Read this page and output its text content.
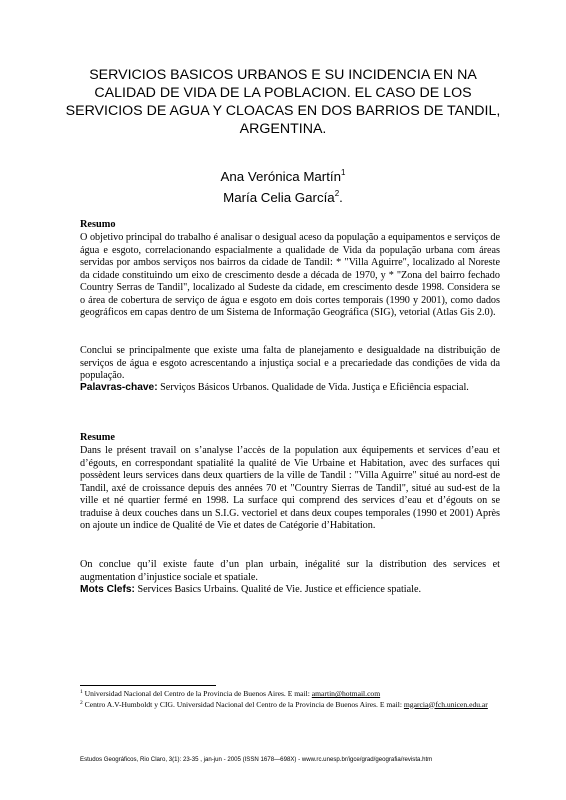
SERVICIOS BASICOS URBANOS E SU INCIDENCIA EN NA CALIDAD DE VIDA DE LA POBLACION. EL CASO DE LOS SERVICIOS DE AGUA Y CLOACAS EN DOS BARRIOS DE TANDIL, ARGENTINA.
Ana Verónica Martín$^1$
María Celia García$^2$.
Resumo
O objetivo principal do trabalho é analisar o desigual aceso da população a equipamentos e serviços de água e esgoto, correlacionando espacialmente a qualidade de Vida da população urbana com áreas servidas por ambos serviços nos bairros da cidade de Tandil: * "Villa Aguirre", localizado al Noreste da cidade constituindo um eixo de crescimento desde a década de 1970, y * "Zona del bairro fechado Country Serras de Tandil", localizado al Sudeste da cidade, em crescimento desde 1998. Considera se o área de cobertura de serviço de água e esgoto em dois cortes temporais (1990 y 2001), como dados geográficos em capas dentro de um Sistema de Informação Geográfica (SIG), vetorial (Atlas Gis 2.0).
Conclui se principalmente que existe uma falta de planejamento e desigualdade na distribuição de serviços de água e esgoto acrescentando a injustiça social e a precariedade das condições de vida da população.
Palavras-chave: Serviços Básicos Urbanos. Qualidade de Vida. Justiça e Eficiência espacial.
Resume
Dans le présent travail on s’analyse l’accès de la population aux équipements et services d’eau et d’égouts, en correspondant spatialité la qualité de Vie Urbaine et Habitation, avec des surfaces qui possèdent leurs services dans deux quartiers de la ville de Tandil : "Villa Aguirre" situé au nord-est de Tandil, axé de croissance depuis des années 70 et "Country Sierras de Tandil", situé au sud-est de la ville et né quartier fermé en 1998. La surface qui comprend des services d’eau et d’égouts on se traduise à deux couches dans un S.I.G. vectoriel et dans deux coupes temporales (1990 et 2001) Après on ajoute un indice de Qualité de Vie et dates de Catégorie d’Habitation.
On conclue qu’il existe faute d’un plan urbain, inégalité sur la distribution des services et augmentation d’injustice sociale et spatiale.
Mots Clefs: Services Basics Urbains. Qualité de Vie. Justice et efficience spatiale.
$^1$ Universidad Nacional del Centro de la Provincia de Buenos Aires. E mail: amartin@hotmail.com
$^2$ Centro A.V-Humboldt y CIG. Universidad Nacional del Centro de la Provincia de Buenos Aires. E mail: mgarcia@fch.unicen.edu.ar
Estudos Geográficos, Rio Claro, 3(1): 23-35 , jan-jun - 2005 (ISSN 1678—698X) - www.rc.unesp.br/igce/grad/geografia/revista.htm
